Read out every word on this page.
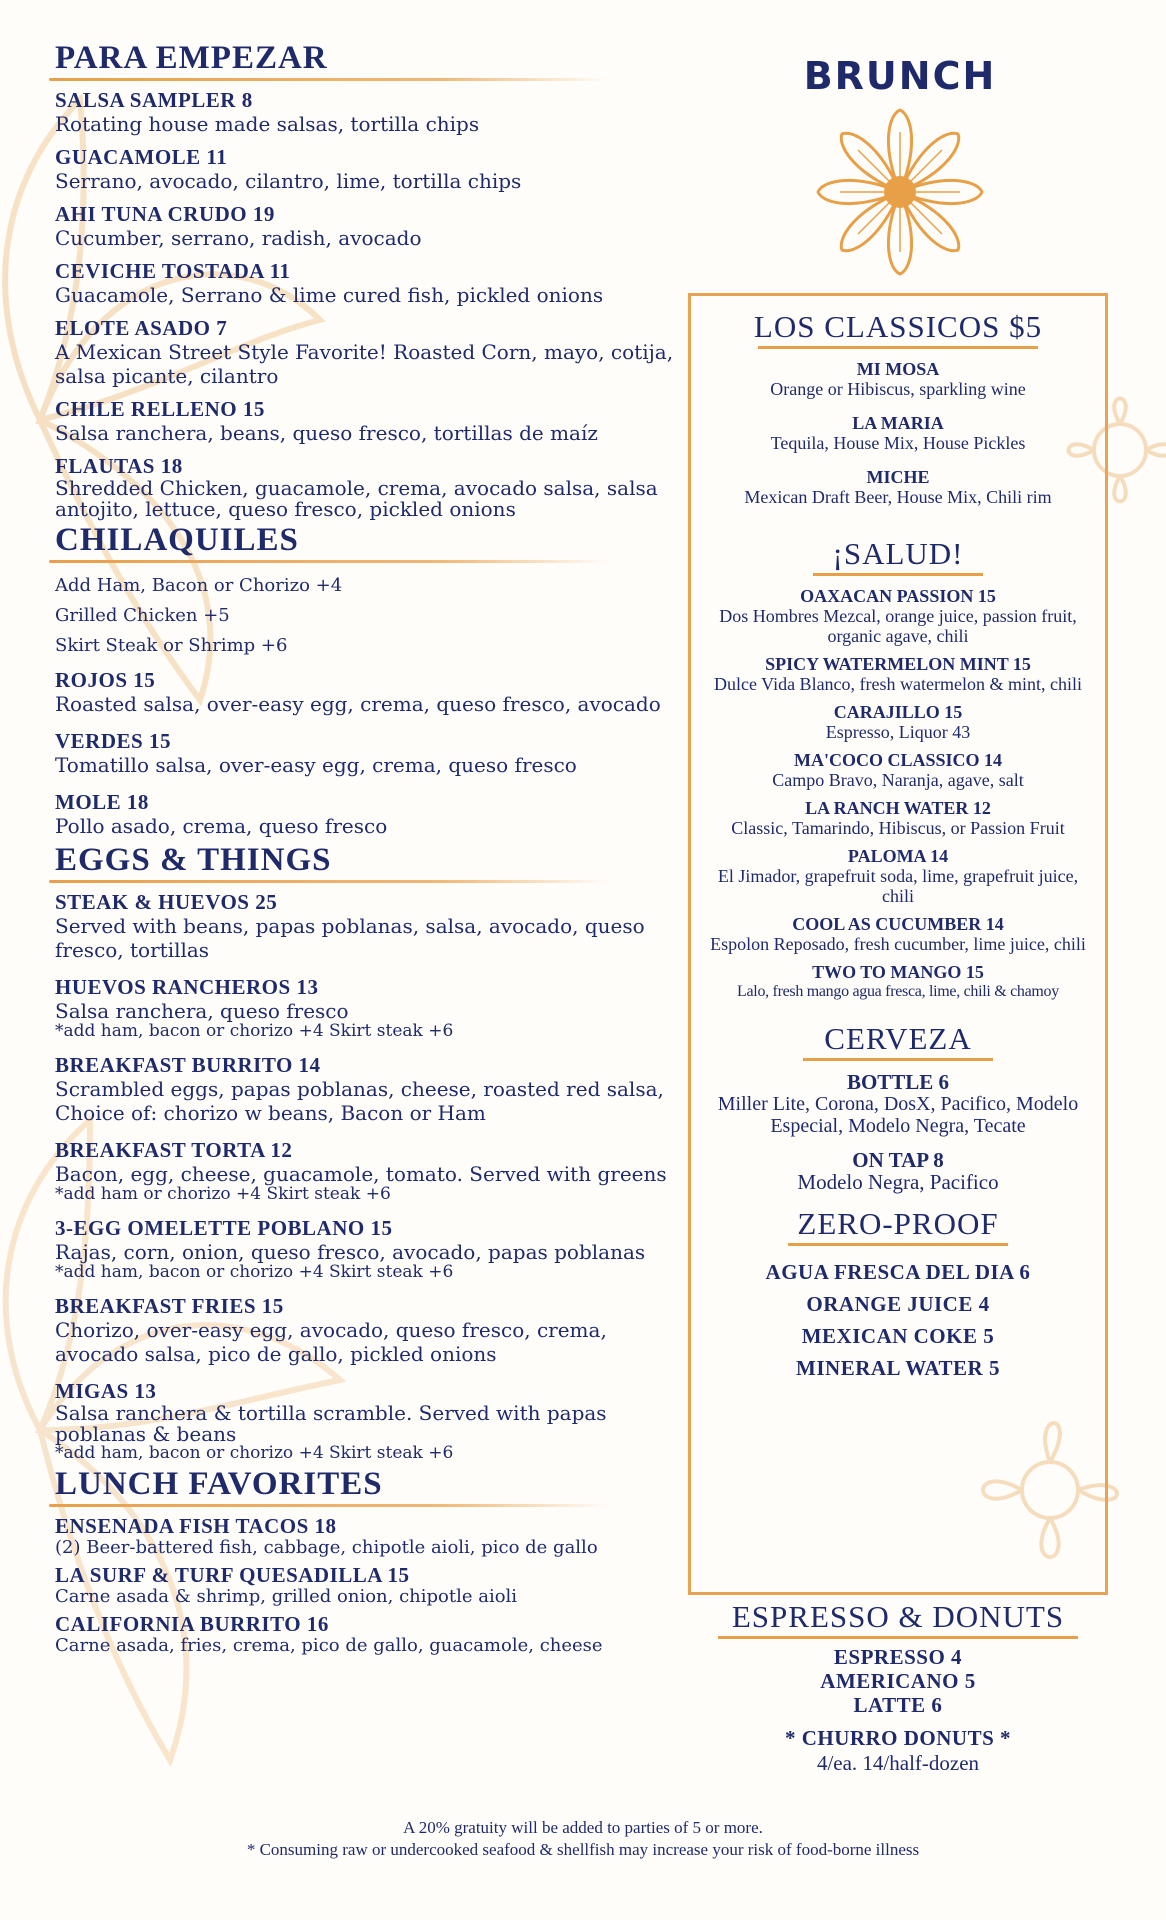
PARA EMPEZAR
SALSA SAMPLER 8
Rotating house made salsas, tortilla chips
GUACAMOLE 11
Serrano, avocado, cilantro, lime, tortilla chips
AHI TUNA CRUDO 19
Cucumber, serrano, radish, avocado
CEVICHE TOSTADA 11
Guacamole, Serrano & lime cured fish, pickled onions
ELOTE ASADO 7
A Mexican Street Style Favorite! Roasted Corn, mayo, cotija, salsa picante, cilantro
CHILE RELLENO 15
Salsa ranchera, beans, queso fresco, tortillas de maíz
FLAUTAS 18
Shredded Chicken, guacamole, crema, avocado salsa, salsa antojito, lettuce, queso fresco, pickled onions
CHILAQUILES
Add Ham, Bacon or Chorizo +4
Grilled Chicken +5
Skirt Steak or Shrimp +6
ROJOS 15
Roasted salsa, over-easy egg, crema, queso fresco, avocado
VERDES 15
Tomatillo salsa, over-easy egg, crema, queso fresco
MOLE 18
Pollo asado, crema, queso fresco
EGGS & THINGS
STEAK & HUEVOS 25
Served with beans, papas poblanas, salsa, avocado, queso fresco, tortillas
HUEVOS RANCHEROS 13
Salsa ranchera, queso fresco
*add ham, bacon or chorizo +4 Skirt steak +6
BREAKFAST BURRITO 14
Scrambled eggs, papas poblanas, cheese, roasted red salsa, Choice of: chorizo w beans, Bacon or Ham
BREAKFAST TORTA 12
Bacon, egg, cheese, guacamole, tomato. Served with greens
*add ham or chorizo +4 Skirt steak +6
3-EGG OMELETTE POBLANO 15
Rajas, corn, onion, queso fresco, avocado, papas poblanas
*add ham, bacon or chorizo +4 Skirt steak +6
BREAKFAST FRIES 15
Chorizo, over-easy egg, avocado, queso fresco, crema, avocado salsa, pico de gallo, pickled onions
MIGAS 13
Salsa ranchera & tortilla scramble. Served with papas poblanas & beans
*add ham, bacon or chorizo +4 Skirt steak +6
LUNCH FAVORITES
ENSENADA FISH TACOS 18
(2) Beer-battered fish, cabbage, chipotle aioli, pico de gallo
LA SURF & TURF QUESADILLA 15
Carne asada & shrimp, grilled onion, chipotle aioli
CALIFORNIA BURRITO 16
Carne asada, fries, crema, pico de gallo, guacamole, cheese
BRUNCH
LOS CLASSICOS $5
MI MOSA
Orange or Hibiscus, sparkling wine
LA MARIA
Tequila, House Mix, House Pickles
MICHE
Mexican Draft Beer, House Mix, Chili rim
¡SALUD!
OAXACAN PASSION 15
Dos Hombres Mezcal, orange juice, passion fruit, organic agave, chili
SPICY WATERMELON MINT 15
Dulce Vida Blanco, fresh watermelon & mint, chili
CARAJILLO 15
Espresso, Liquor 43
MA'COCO CLASSICO 14
Campo Bravo, Naranja, agave, salt
LA RANCH WATER 12
Classic, Tamarindo, Hibiscus, or Passion Fruit
PALOMA 14
El Jimador, grapefruit soda, lime, grapefruit juice, chili
COOL AS CUCUMBER 14
Espolon Reposado, fresh cucumber, lime juice, chili
TWO TO MANGO 15
Lalo, fresh mango agua fresca, lime, chili & chamoy
CERVEZA
BOTTLE 6
Miller Lite, Corona, DosX, Pacifico, Modelo Especial, Modelo Negra, Tecate
ON TAP 8
Modelo Negra, Pacifico
ZERO-PROOF
AGUA FRESCA DEL DIA 6
ORANGE JUICE 4
MEXICAN COKE 5
MINERAL WATER 5
ESPRESSO & DONUTS
ESPRESSO 4
AMERICANO 5
LATTE 6
* CHURRO DONUTS *
4/ea. 14/half-dozen
A 20% gratuity will be added to parties of 5 or more.
* Consuming raw or undercooked seafood & shellfish may increase your risk of food-borne illness
